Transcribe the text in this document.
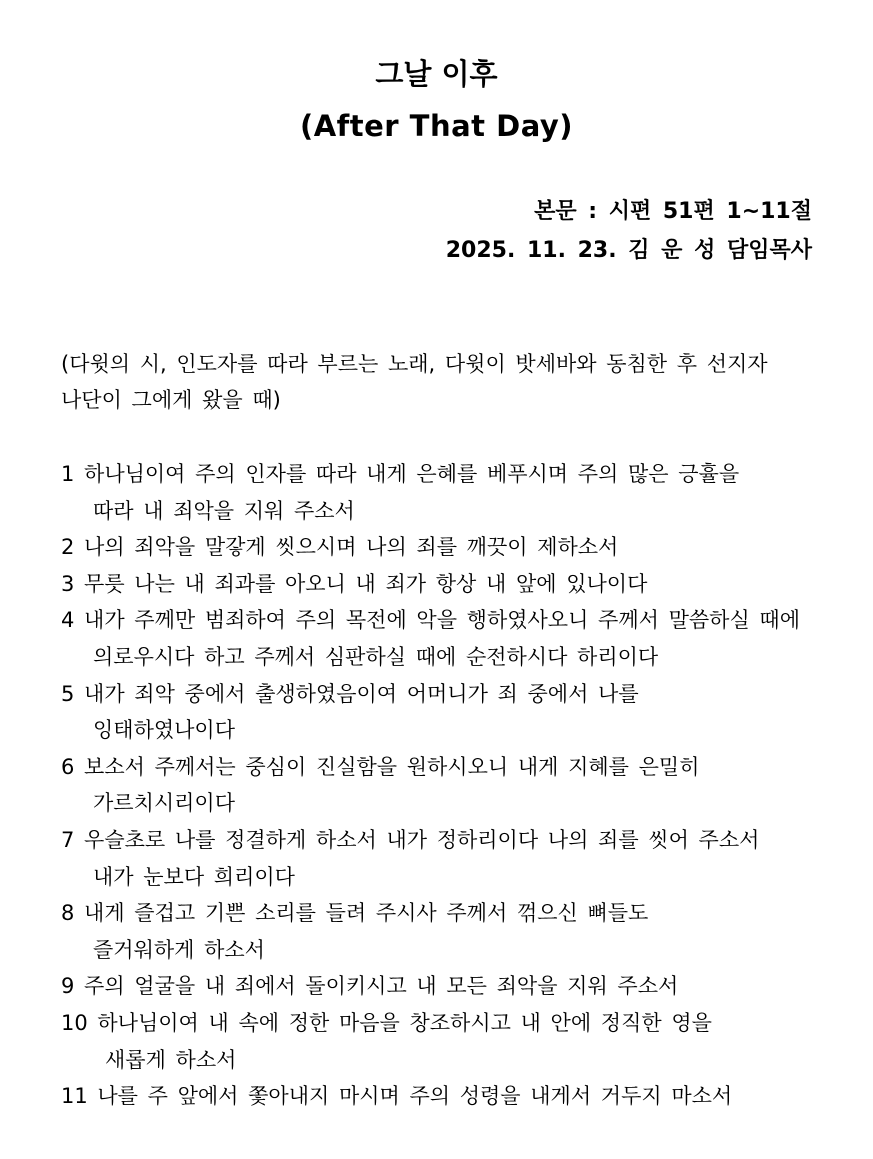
그날 이후
(After That Day)
본문 : 시편 51편 1~11절
2025. 11. 23. 김 운 성 담임목사
(다윗의 시, 인도자를 따라 부르는 노래, 다윗이 밧세바와 동침한 후 선지자
나단이 그에게 왔을 때)
1 하나님이여 주의 인자를 따라 내게 은혜를 베푸시며 주의 많은 긍휼을
따라 내 죄악을 지워 주소서
2 나의 죄악을 말갛게 씻으시며 나의 죄를 깨끗이 제하소서
3 무릇 나는 내 죄과를 아오니 내 죄가 항상 내 앞에 있나이다
4 내가 주께만 범죄하여 주의 목전에 악을 행하였사오니 주께서 말씀하실 때에
의로우시다 하고 주께서 심판하실 때에 순전하시다 하리이다
5 내가 죄악 중에서 출생하였음이여 어머니가 죄 중에서 나를
잉태하였나이다
6 보소서 주께서는 중심이 진실함을 원하시오니 내게 지혜를 은밀히
가르치시리이다
7 우슬초로 나를 정결하게 하소서 내가 정하리이다 나의 죄를 씻어 주소서
내가 눈보다 희리이다
8 내게 즐겁고 기쁜 소리를 들려 주시사 주께서 꺾으신 뼈들도
즐거워하게 하소서
9 주의 얼굴을 내 죄에서 돌이키시고 내 모든 죄악을 지워 주소서
10 하나님이여 내 속에 정한 마음을 창조하시고 내 안에 정직한 영을
새롭게 하소서
11 나를 주 앞에서 쫓아내지 마시며 주의 성령을 내게서 거두지 마소서
